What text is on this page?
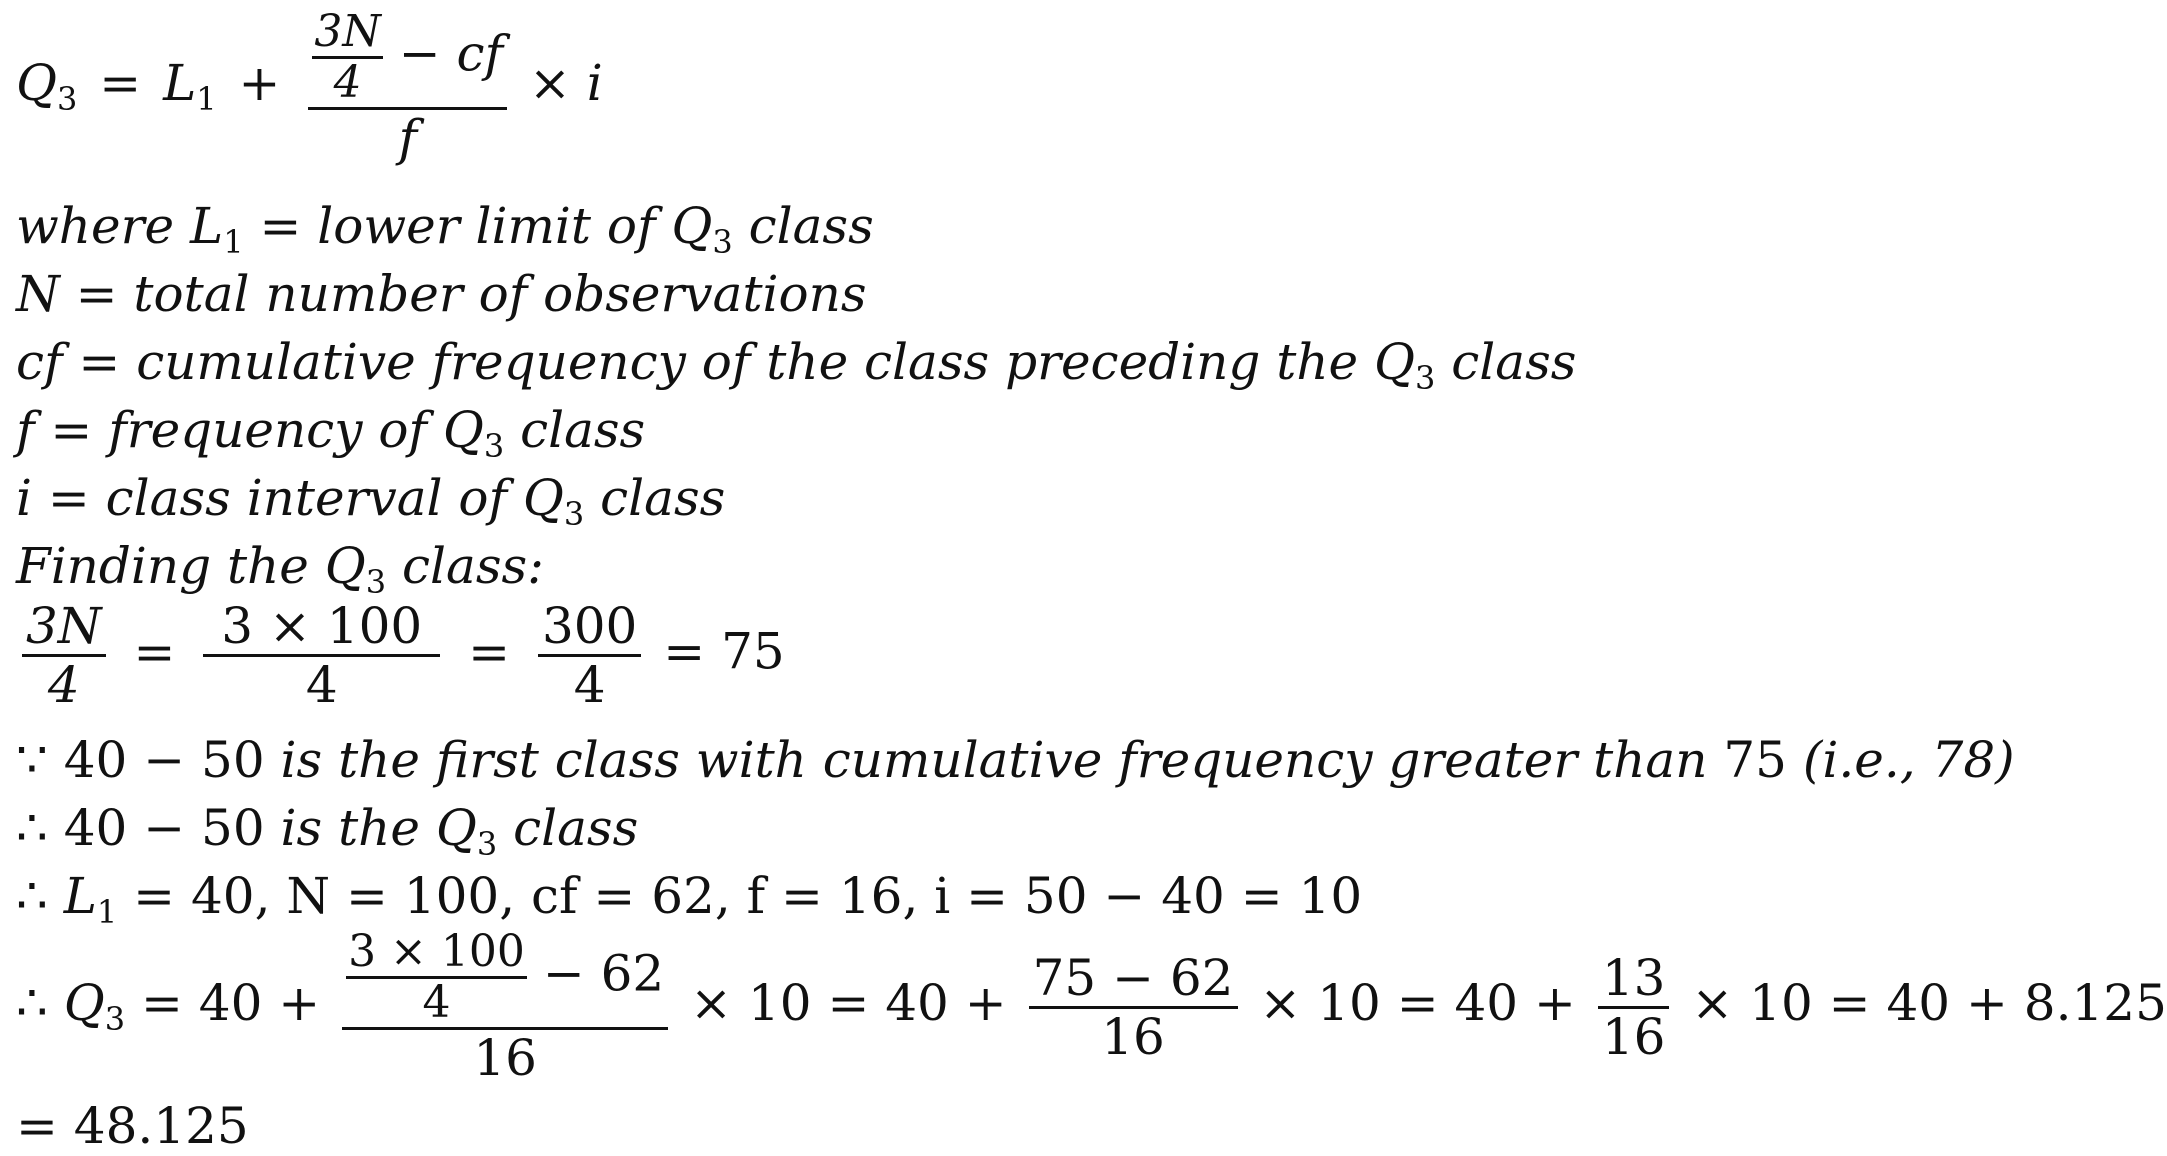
$Q_3 = L_1 + \frac{\frac{3N}{4} - cf}{f} \times i$
where $L_1$ = lower limit of $Q_3$ class
N = total number of observations
cf = cumulative frequency of the class preceding the $Q_3$ class
f = frequency of $Q_3$ class
i = class interval of $Q_3$ class
Finding the $Q_3$ class:
$\frac{3N}{4} = \frac{3 \times 100}{4} = \frac{300}{4} = 75$
∵ 40 − 50 is the first class with cumulative frequency greater than 75 (i.e., 78)
∴ 40 − 50 is the $Q_3$ class
∴ $L_1 = 40$, N = 100, cf = 62, f = 16, i = 50 − 40 = 10
∴ $Q_3 = 40 + \frac{\frac{3 \times 100}{4} - 62}{16} \times 10 = 40 + \frac{75 - 62}{16} \times 10 = 40 + \frac{13}{16} \times 10 = 40 + 8.125$
= 48.125
